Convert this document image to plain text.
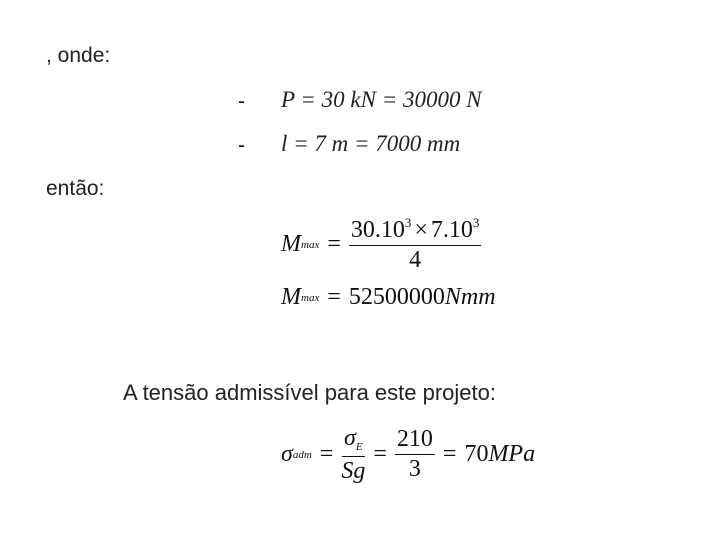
, onde:
- P = 30 kN = 30000 N
- l = 7 m = 7000 mm
então:
M $\max = \frac{30.10^3 \times 7.10^3}{4}$
M max = 52500000 Nmm
A tensão admissível para este projeto:
σ adm = $\frac{\sigma_E}{Sg} = \frac{210}{3} = 70$ MPa
